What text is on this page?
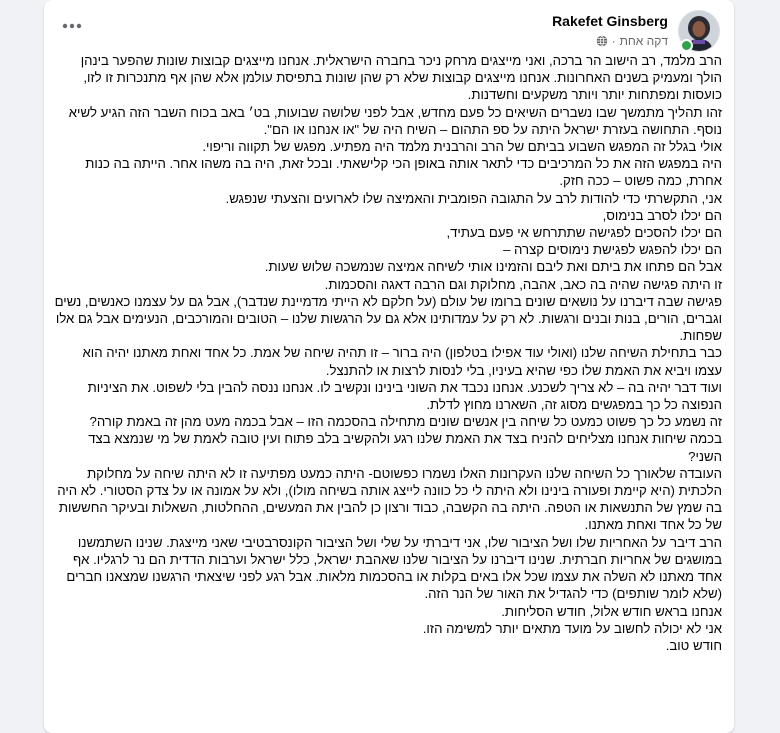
Rakefet Ginsberg
דקה אחת
·

הרב מלמד, רב הישוב הר ברכה, ואני מייצגים מרחק ניכר בחברה הישראלית. אנחנו מייצגים קבוצות שונות שהפער בינהן הולך ומעמיק בשנים האחרונות. אנחנו מייצגים קבוצות שלא רק שהן שונות בתפיסת עולמן אלא שהן אף מתנכרות זו לזו, כועסות ומפתחות יותר ויותר משקעים וחשדנות.

זהו תהליך מתמשך שבו נשברים השיאים כל פעם מחדש, אבל לפני שלושה שבועות, בט׳ באב בכוח השבר הזה הגיע לשיא נוסף. התחושה בעזרת ישראל היתה על ספ התהום – השיח היה של "או אנחנו או הם".

אולי בגלל זה המפגש השבוע בביתם של הרב והרבנית מלמד היה מפתיע. מפגש של תקווה וריפוי.

היה במפגש הזה את כל המרכיבים כדי לתאר אותה באופן הכי קלישאתי. ובכל זאת, היה בה משהו אחר. הייתה בה כנות אחרת, כמה פשוט – ככה חזק.

אני, התקשרתי כדי להודות לרב על התגובה הפומבית והאמיצה שלו לארועים והצעתי שנפגש.

הם יכלו לסרב בנימוס,

הם יכלו להסכים לפגישה שתתרחש אי פעם בעתיד,

הם יכלו להפגש לפגישת נימוסים קצרה –

אבל הם פתחו את ביתם ואת ליבם והזמינו אותי לשיחה אמיצה שנמשכה שלוש שעות.

זו היתה פגישה שהיה בה כאב, אהבה, מחלוקת וגם הרבה דאגה והסכמות.

פגישה שבה דיברנו על נושאים שונים ברומו של עולם (על חלקם לא הייתי מדמיינת שנדבר), אבל גם על עצמנו כאנשים, נשים וגברים, הורים, בנות ובנים ורגשות. לא רק על עמדותינו אלא גם על הרגשות שלנו – הטובים והמורכבים, הנעימים אבל גם אלו שפחות.

כבר בתחילת השיחה שלנו (ואולי עוד אפילו בטלפון) היה ברור – זו תהיה שיחה של אמת. כל אחד ואחת מאתנו יהיה הוא עצמו ויביא את האמת שלו כפי שהיא בעיניו, בלי לנסות לרצות או להתנצל.

ועוד דבר יהיה בה – לא צריך לשכנע. אנחנו נכבד את השוני בינינו ונקשיב לו. אנחנו ננסה להבין בלי לשפוט. את הציניות הנפוצה כל כך במפגשים מסוג זה, השארנו מחוץ לדלת.

זה נשמע כל כך פשוט כמעט כל שיחה בין אנשים שונים מתחילה בהסכמה הזו – אבל בכמה מעט מהן זה באמת קורה? בכמה שיחות אנחנו מצליחים להניח בצד את האמת שלנו רגע ולהקשיב בלב פתוח ועין טובה לאמת של מי שנמצא בצד השני?

העובדה שלאורך כל השיחה שלנו העקרונות האלו נשמרו כפשוטם- היתה כמעט מפתיעה זו לא היתה שיחה על מחלוקת הלכתית (היא קיימת ופעורה בינינו ולא היתה לי כל כוונה לייצג אותה בשיחה מולו), ולא על אמונה או על צדק הסטורי. לא היה בה שמץ של התנשאות או הטפה. היתה בה הקשבה, כבוד ורצון כן להבין את המעשים, ההחלטות, השאלות ובעיקר החששות של כל אחד ואחת מאתנו.

הרב דיבר על האחריות שלו ושל הציבור שלו, אני דיברתי על שלי ושל הציבור הקונסרבטיבי שאני מייצגת. שנינו השתמשנו במושגים של אחריות חברתית. שנינו דיברנו על הציבור שלנו שאהבת ישראל, כלל ישראל וערבות הדדית הם נר לרגליו. אף אחד מאתנו לא השלה את עצמו שכל אלו באים בקלות או בהסכמות מלאות. אבל רגע לפני שיצאתי הרגשנו שמצאנו חברים (שלא לומר שותפים) כדי להגדיל את האור של הנר הזה.

אנחנו בראש חודש אלול, חודש הסליחות.

אני לא יכולה לחשוב על מועד מתאים יותר למשימה הזו.

חודש טוב.
